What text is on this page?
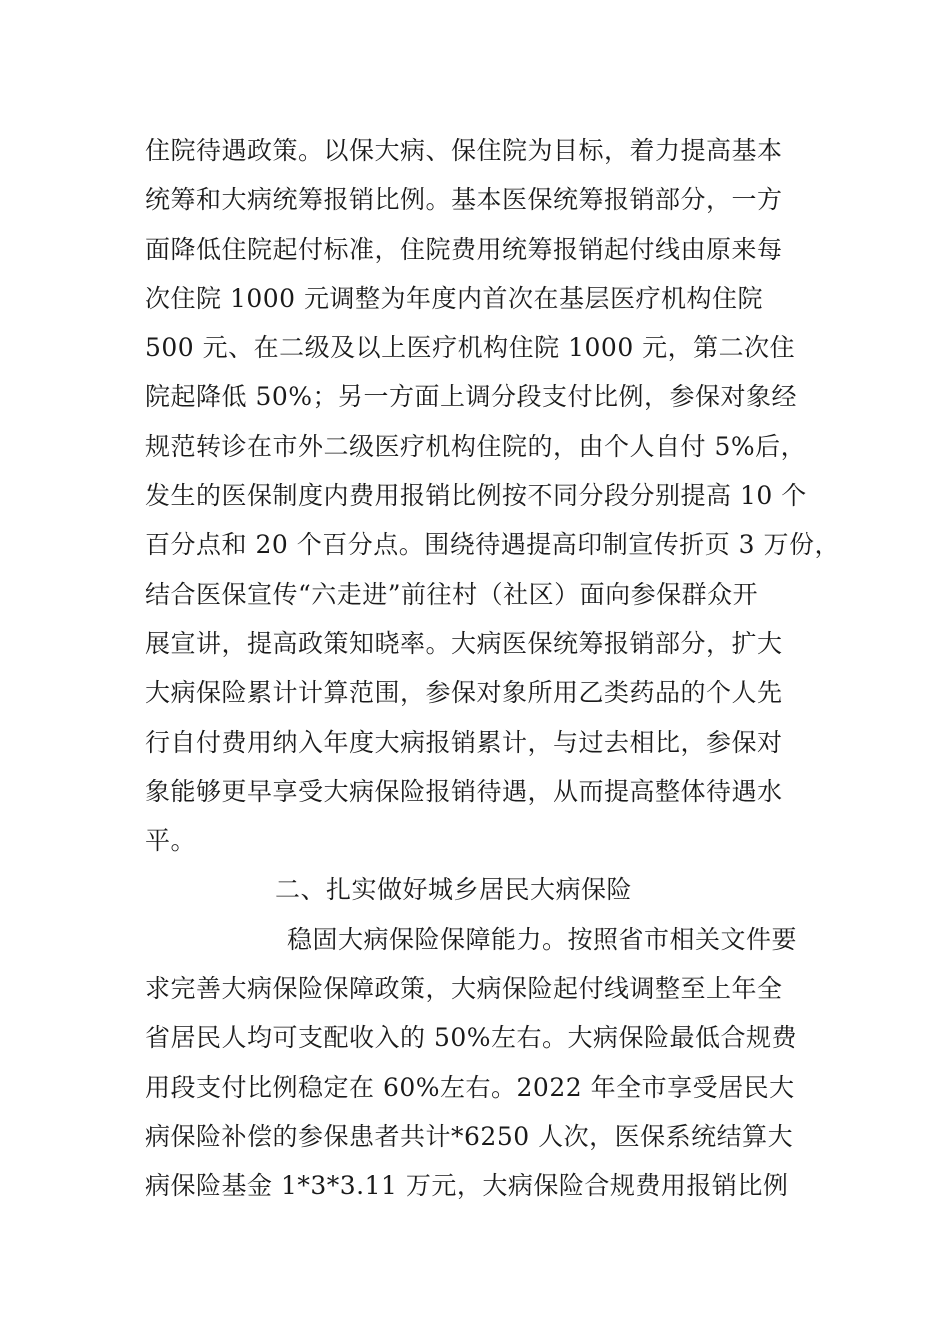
住院待遇政策。以保大病、保住院为目标，着力提高基本
统筹和大病统筹报销比例。基本医保统筹报销部分，一方
面降低住院起付标准，住院费用统筹报销起付线由原来每
次住院 1000 元调整为年度内首次在基层医疗机构住院
500 元、在二级及以上医疗机构住院 1000 元，第二次住
院起降低 50%；另一方面上调分段支付比例，参保对象经
规范转诊在市外二级医疗机构住院的，由个人自付 5%后，
发生的医保制度内费用报销比例按不同分段分别提高 10 个
百分点和 20 个百分点。围绕待遇提高印制宣传折页 3 万份，
结合医保宣传“六走进”前往村（社区）面向参保群众开
展宣讲，提高政策知晓率。大病医保统筹报销部分，扩大
大病保险累计计算范围，参保对象所用乙类药品的个人先
行自付费用纳入年度大病报销累计，与过去相比，参保对
象能够更早享受大病保险报销待遇，从而提高整体待遇水
平。
二、扎实做好城乡居民大病保险
稳固大病保险保障能力。按照省市相关文件要
求完善大病保险保障政策，大病保险起付线调整至上年全
省居民人均可支配收入的 50%左右。大病保险最低合规费
用段支付比例稳定在 60%左右。2022 年全市享受居民大
病保险补偿的参保患者共计*6250 人次，医保系统结算大
病保险基金 1*3*3.11 万元，大病保险合规费用报销比例
